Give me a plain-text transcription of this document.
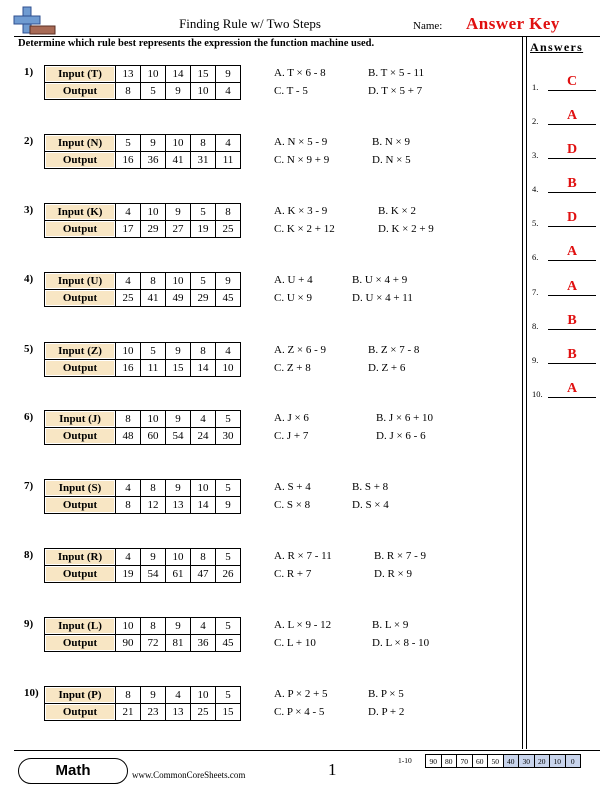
Finding Rule w/ Two Steps	Name: Answer Key
Determine which rule best represents the expression the function machine used.	Answers
1.	C
2.	A
3.	D
4.	B
5.	D
6.	A
7.	A
8.	B
9.	B
10.	A
1) Input (T)	13	10	14	15	9
Output	8	5	9	10	4
A. T × 6 - 8	B. T × 5 - 11
C. T - 5	D. T × 5 + 7
2) Input (N)	5	9	10	8	4
Output	16	36	41	31	11
A. N × 5 - 9	B. N × 9
C. N × 9 + 9	D. N × 5
3) Input (K)	4	10	9	5	8
Output	17	29	27	19	25
A. K × 3 - 9	B. K × 2
C. K × 2 + 12	D. K × 2 + 9
4) Input (U)	4	8	10	5	9
Output	25	41	49	29	45
A. U + 4	B. U × 4 + 9
C. U × 9	D. U × 4 + 11
5) Input (Z)	10	5	9	8	4
Output	16	11	15	14	10
A. Z × 6 - 9	B. Z × 7 - 8
C. Z + 8	D. Z + 6
6) Input (J)	8	10	9	4	5
Output	48	60	54	24	30
A. J × 6	B. J × 6 + 10
C. J + 7	D. J × 6 - 6
7) Input (S)	4	8	9	10	5
Output	8	12	13	14	9
A. S + 4	B. S + 8
C. S × 8	D. S × 4
8) Input (R)	4	9	10	8	5
Output	19	54	61	47	26
A. R × 7 - 11	B. R × 7 - 9
C. R + 7	D. R × 9
9) Input (L)	10	8	9	4	5
Output	90	72	81	36	45
A. L × 9 - 12	B. L × 9
C. L + 10	D. L × 8 - 10
10) Input (P)	8	9	4	10	5
Output	21	23	13	25	15
A. P × 2 + 5	B. P × 5
C. P × 4 - 5	D. P + 2
Math	www.CommonCoreSheets.com	1	1-10 90	80	70	60	50	40	30	20	10	0
